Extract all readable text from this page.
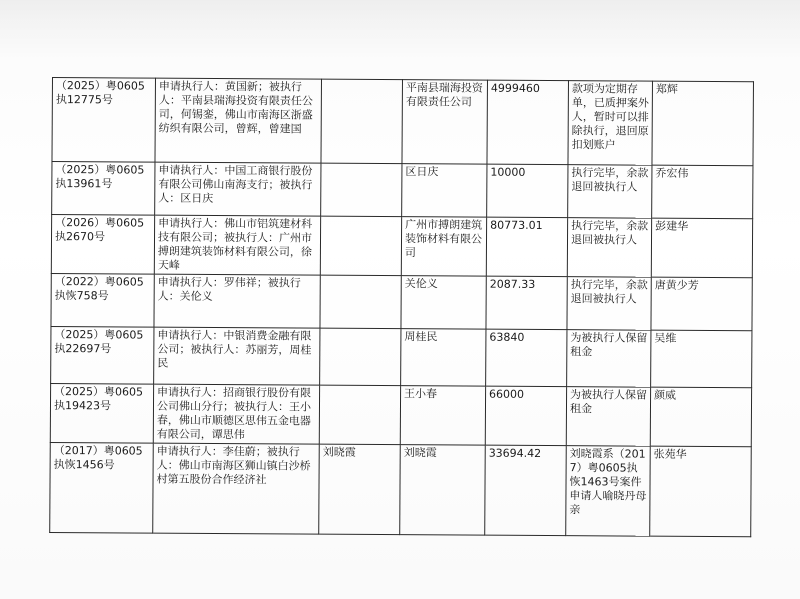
（2025）粤0605执12775号	申请执行人：黄国新；被执行人：平南县瑞海投资有限责任公司，何锡銮，佛山市南海区浙盛纺织有限公司，曾辉，曾建国		平南县瑞海投资有限责任公司	4999460	款项为定期存单，已质押案外人，暂时可以排除执行，退回原扣划账户	郑辉
（2025）粤0605执13961号	申请执行人：中国工商银行股份有限公司佛山南海支行；被执行人：区日庆		区日庆	10000	执行完毕，余款退回被执行人	乔宏伟
（2026）粤0605执2670号	申请执行人：佛山市铝筑建材科技有限公司；被执行人：广州市搏朗建筑装饰材料有限公司，徐天峰		广州市搏朗建筑装饰材料有限公司	80773.01	执行完毕，余款退回被执行人	彭建华
（2022）粤0605执恢758号	申请执行人：罗伟祥；被执行人：关伦义		关伦义	2087.33	执行完毕，余款退回被执行人	唐黄少芳
（2025）粤0605执22697号	申请执行人：中银消费金融有限公司；被执行人：苏丽芳，周桂民		周桂民	63840	为被执行人保留租金	吴维
（2025）粤0605执19423号	申请执行人：招商银行股份有限公司佛山分行；被执行人：王小春，佛山市顺德区思伟五金电器有限公司，谭思伟		王小春	66000	为被执行人保留租金	颜威
（2017）粤0605执恢1456号	申请执行人：李佳蔚；被执行人：佛山市南海区狮山镇白沙桥村第五股份合作经济社	刘晓霞	刘晓霞	33694.42	刘晓霞系（2017）粤0605执恢1463号案件申请人喻晓丹母亲	张苑华
